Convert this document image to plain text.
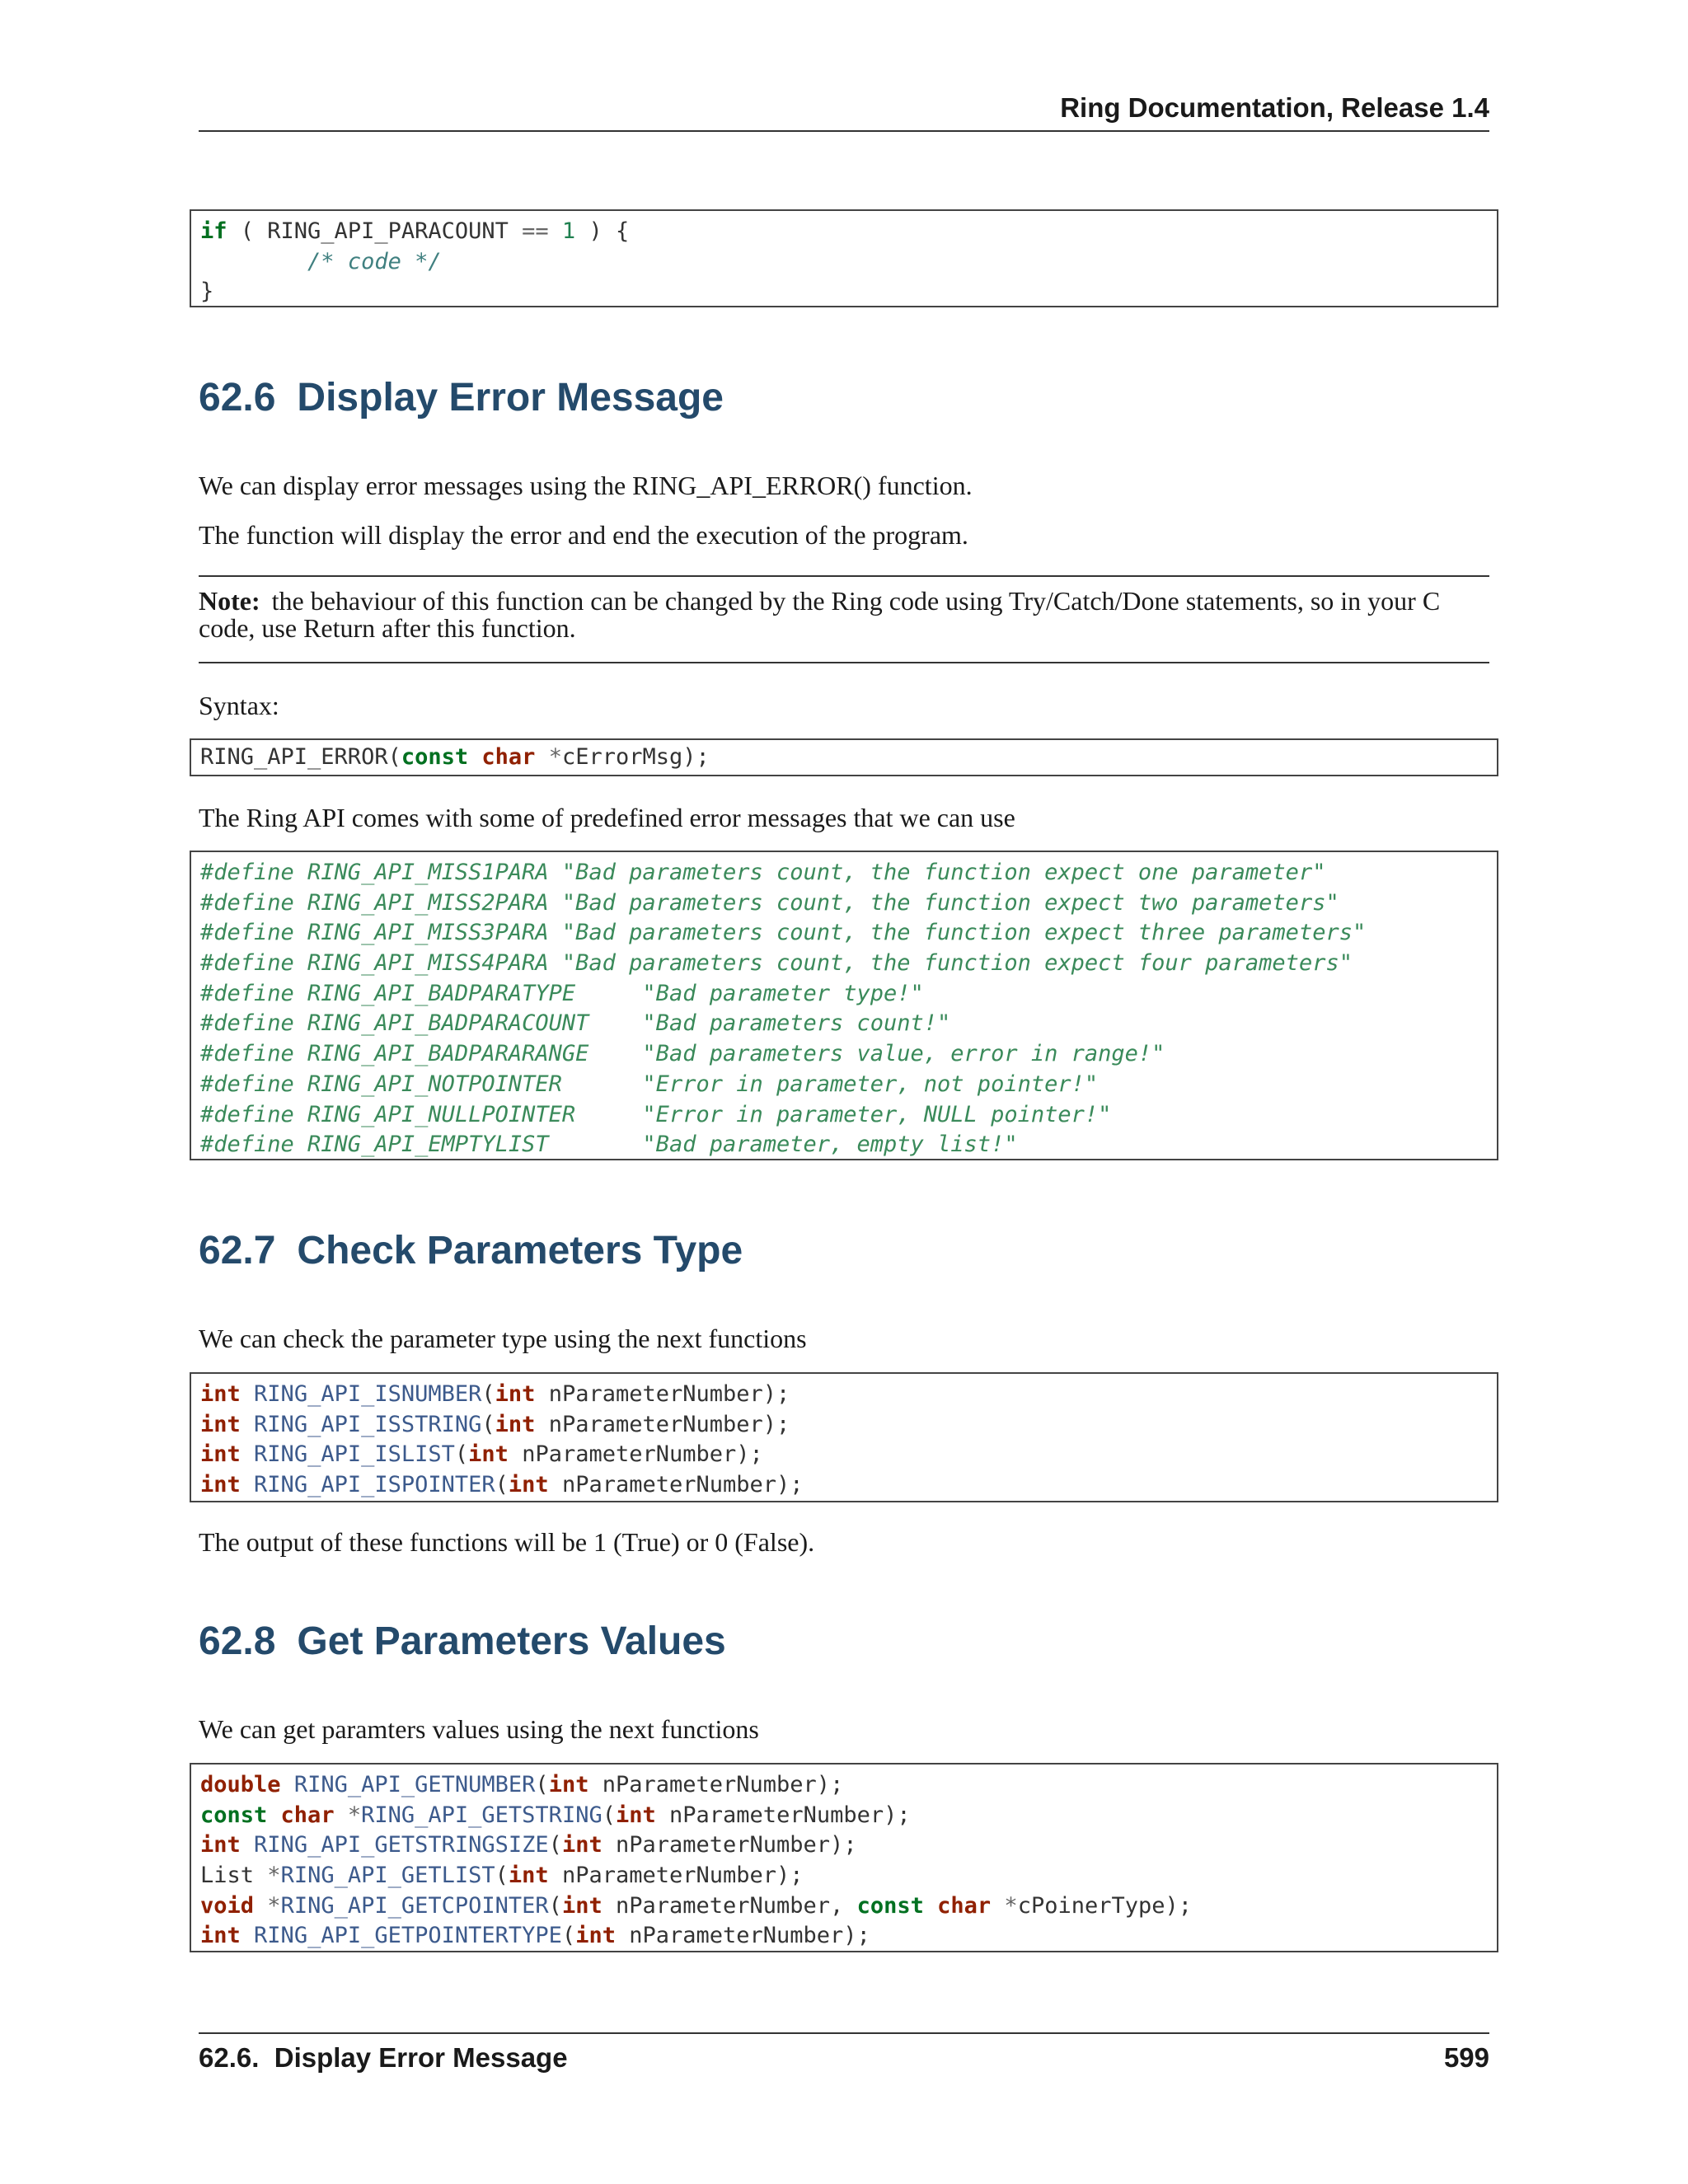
Ring Documentation, Release 1.4
if ( RING_API_PARACOUNT == 1 ) {
/* code */
}
62.6 Display Error Message

We can display error messages using the RING_API_ERROR() function.

The function will display the error and end the execution of the program.

Note: the behaviour of this function can be changed by the Ring code using Try/Catch/Done statements, so in your C code, use Return after this function.

Syntax:

RING_API_ERROR(const char *cErrorMsg);

The Ring API comes with some of predefined error messages that we can use

#define RING_API_MISS1PARA "Bad parameters count, the function expect one parameter"
#define RING_API_MISS2PARA "Bad parameters count, the function expect two parameters"
#define RING_API_MISS3PARA "Bad parameters count, the function expect three parameters"
#define RING_API_MISS4PARA "Bad parameters count, the function expect four parameters"
#define RING_API_BADPARATYPE     "Bad parameter type!"
#define RING_API_BADPARACOUNT    "Bad parameters count!"
#define RING_API_BADPARARANGE    "Bad parameters value, error in range!"
#define RING_API_NOTPOINTER      "Error in parameter, not pointer!"
#define RING_API_NULLPOINTER     "Error in parameter, NULL pointer!"
#define RING_API_EMPTYLIST       "Bad parameter, empty list!"
62.7 Check Parameters Type

We can check the parameter type using the next functions

int RING_API_ISNUMBER(int nParameterNumber);
int RING_API_ISSTRING(int nParameterNumber);
int RING_API_ISLIST(int nParameterNumber);
int RING_API_ISPOINTER(int nParameterNumber);

The output of these functions will be 1 (True) or 0 (False).

62.8 Get Parameters Values

We can get paramters values using the next functions

double RING_API_GETNUMBER(int nParameterNumber);
const char *RING_API_GETSTRING(int nParameterNumber);
int RING_API_GETSTRINGSIZE(int nParameterNumber);
List *RING_API_GETLIST(int nParameterNumber);
void *RING_API_GETCPOINTER(int nParameterNumber, const char *cPoinerType);
int RING_API_GETPOINTERTYPE(int nParameterNumber);
62.6.  Display Error Message	599
